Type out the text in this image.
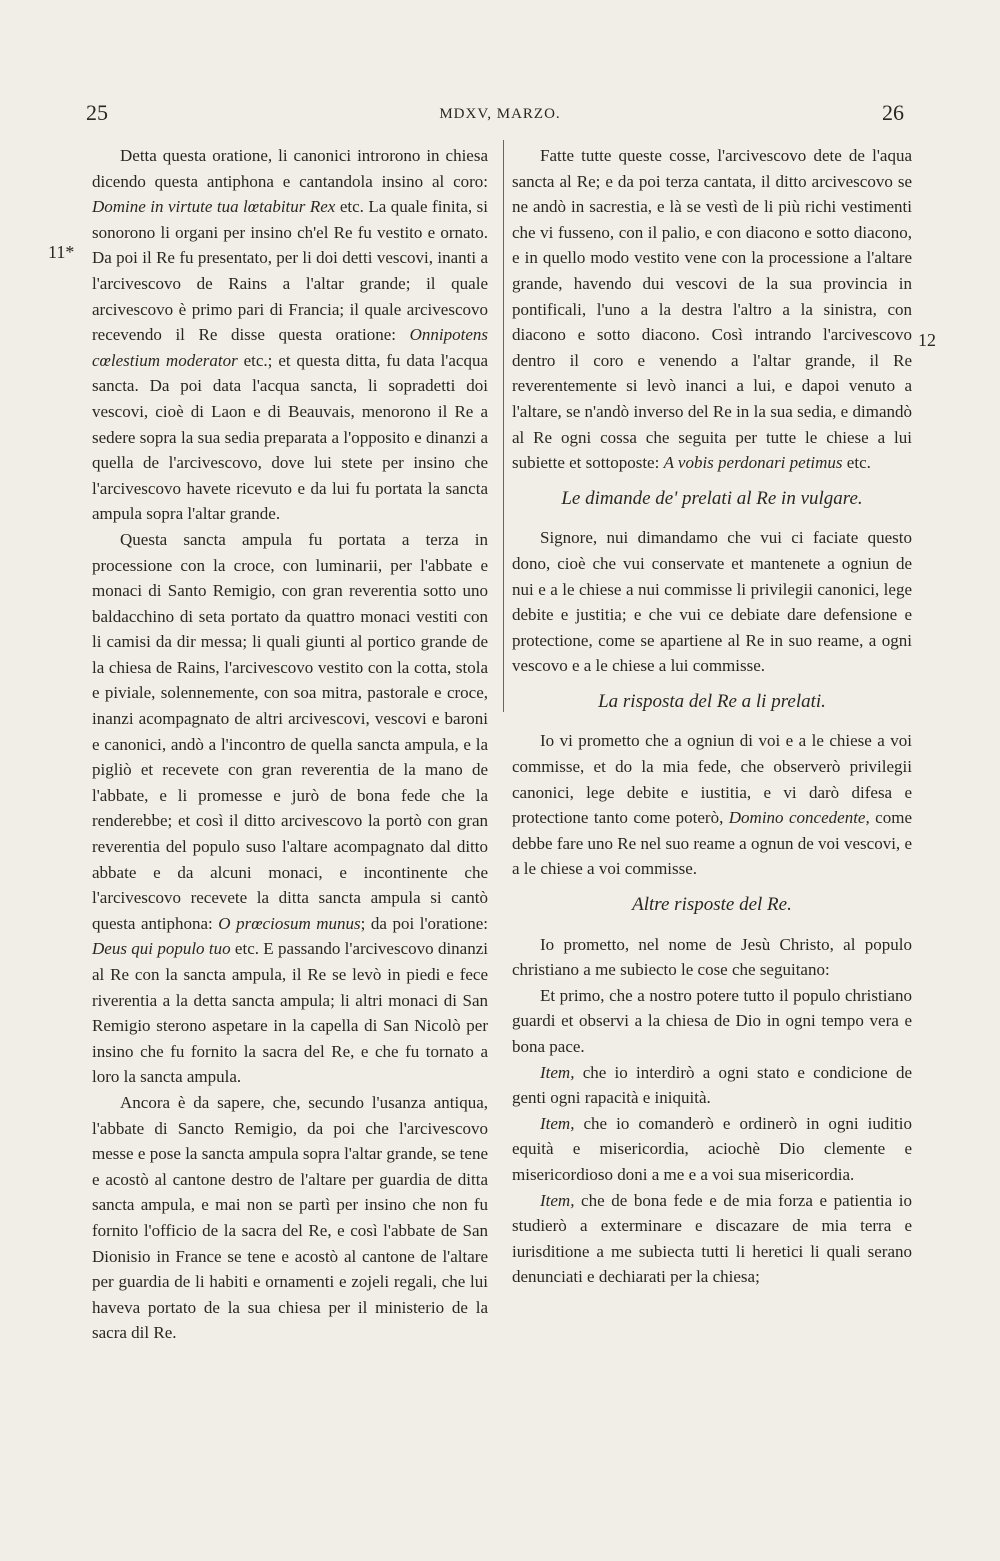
25	MDXV, MARZO.	26
11*
12

Detta questa oratione, li canonici introrono in chiesa dicendo questa antiphona e cantandola insino al coro: Domine in virtute tua lœtabitur Rex etc. La quale finita, si sonorono li organi per insino ch'el Re fu vestito e ornato. Da poi il Re fu presentato, per li doi detti vescovi, inanti a l'arcivescovo de Rains a l'altar grande; il quale arcivescovo è primo pari di Francia; il quale arcivescovo recevendo il Re disse questa oratione: Onnipotens cœlestium moderator etc.; et questa ditta, fu data l'acqua sancta. Da poi data l'acqua sancta, li sopradetti doi vescovi, cioè di Laon e di Beauvais, menorono il Re a sedere sopra la sua sedia preparata a l'opposito e dinanzi a quella de l'arcivescovo, dove lui stete per insino che l'arcivescovo havete ricevuto e da lui fu portata la sancta ampula sopra l'altar grande.

Questa sancta ampula fu portata a terza in processione con la croce, con luminarii, per l'abbate e monaci di Santo Remigio, con gran reverentia sotto uno baldacchino di seta portato da quattro monaci vestiti con li camisi da dir messa; li quali giunti al portico grande de la chiesa de Rains, l'arcivescovo vestito con la cotta, stola e piviale, solennemente, con soa mitra, pastorale e croce, inanzi acompagnato de altri arcivescovi, vescovi e baroni e canonici, andò a l'incontro de quella sancta ampula, e la pigliò et recevete con gran reverentia de la mano de l'abbate, e li promesse e jurò de bona fede che la renderebbe; et così il ditto arcivescovo la portò con gran reverentia del populo suso l'altare acompagnato dal ditto abbate e da alcuni monaci, e incontinente che l'arcivescovo recevete la ditta sancta ampula si cantò questa antiphona: O prœciosum munus; da poi l'oratione: Deus qui populo tuo etc. E passando l'arcivescovo dinanzi al Re con la sancta ampula, il Re se levò in piedi e fece riverentia a la detta sancta ampula; li altri monaci di San Remigio sterono aspetare in la capella di San Nicolò per insino che fu fornito la sacra del Re, e che fu tornato a loro la sancta ampula.

Ancora è da sapere, che, secundo l'usanza antiqua, l'abbate di Sancto Remigio, da poi che l'arcivescovo messe e pose la sancta ampula sopra l'altar grande, se tene e acostò al cantone destro de l'altare per guardia de ditta sancta ampula, e mai non se partì per insino che non fu fornito l'officio de la sacra del Re, e così l'abbate de San Dionisio in France se tene e acostò al cantone de l'altare per guardia de li habiti e ornamenti e zojeli regali, che lui haveva portato de la sua chiesa per il ministerio de la sacra dil Re.

Fatte tutte queste cosse, l'arcivescovo dete de l'aqua sancta al Re; e da poi terza cantata, il ditto arcivescovo se ne andò in sacrestia, e là se vestì de li più richi vestimenti che vi fusseno, con il palio, e con diacono e sotto diacono, e in quello modo vestito vene con la processione a l'altare grande, havendo dui vescovi de la sua provincia in pontificali, l'uno a la destra l'altro a la sinistra, con diacono e sotto diacono. Così intrando l'arcivescovo dentro il coro e venendo a l'altar grande, il Re reverentemente si levò inanci a lui, e dapoi venuto a l'altare, se n'andò inverso del Re in la sua sedia, e dimandò al Re ogni cossa che seguita per tutte le chiese a lui subiette et sottoposte: A vobis perdonari petimus etc.

Le dimande de' prelati al Re in vulgare.

Signore, nui dimandamo che vui ci faciate questo dono, cioè che vui conservate et mantenete a ogniun de nui e a le chiese a nui commisse li privilegii canonici, lege debite e justitia; e che vui ce debiate dare defensione e protectione, come se apartiene al Re in suo reame, a ogni vescovo e a le chiese a lui commisse.

La risposta del Re a li prelati.

Io vi prometto che a ogniun di voi e a le chiese a voi commisse, et do la mia fede, che observerò privilegii canonici, lege debite e iustitia, e vi darò difesa e protectione tanto come poterò, Domino concedente, come debbe fare uno Re nel suo reame a ognun de voi vescovi, e a le chiese a voi commisse.

Altre risposte del Re.

Io prometto, nel nome de Jesù Christo, al populo christiano a me subiecto le cose che seguitano:

Et primo, che a nostro potere tutto il populo christiano guardi et observi a la chiesa de Dio in ogni tempo vera e bona pace.

Item, che io interdirò a ogni stato e condicione de genti ogni rapacità e iniquità.

Item, che io comanderò e ordinerò in ogni iuditio equità e misericordia, aciochè Dio clemente e misericordioso doni a me e a voi sua misericordia.

Item, che de bona fede e de mia forza e patientia io studierò a exterminare e discazare de mia terra e iurisditione a me subiecta tutti li heretici li quali serano denunciati e dechiarati per la chiesa;
